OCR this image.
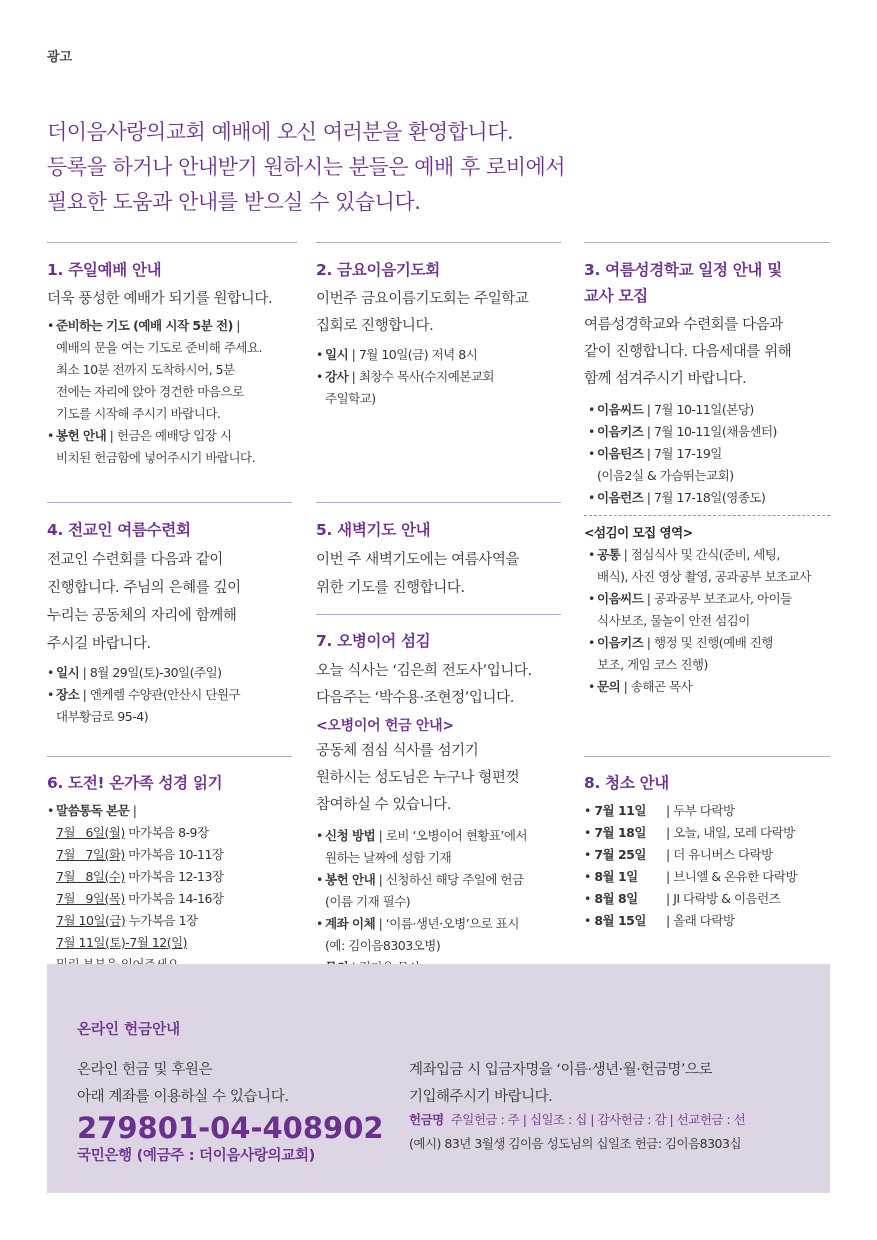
광고
더이음사랑의교회 예배에 오신 여러분을 환영합니다.
등록을 하거나 안내받기 원하시는 분들은 예배 후 로비에서
필요한 도움과 안내를 받으실 수 있습니다.
1. 주일예배 안내
더욱 풍성한 예배가 되기를 원합니다.
• 준비하는 기도 (예배 시작 5분 전) |
예배의 문을 여는 기도로 준비해 주세요.
최소 10분 전까지 도착하시어, 5분
전에는 자리에 앉아 경건한 마음으로
기도를 시작해 주시기 바랍니다.
• 봉헌 안내 | 헌금은 예배당 입장 시
비치된 헌금함에 넣어주시기 바랍니다.
2. 금요이음기도회
이번주 금요이름기도회는 주일학교
집회로 진행합니다.
• 일시 | 7월 10일(금) 저녁 8시
• 강사 | 최창수 목사(수지예본교회
주일학교)
3. 여름성경학교 일정 안내 및
교사 모집
여름성경학교와 수련회를 다음과
같이 진행합니다. 다음세대를 위해
함께 섬겨주시기 바랍니다.
• 이음씨드 | 7월 10-11일(본당)
• 이음키즈 | 7월 10-11일(채움센터)
• 이음틴즈 | 7월 17-19일
(이음2실 & 가슴뛰는교회)
• 이음런즈 | 7월 17-18일(영종도)
<섬김이 모집 영역>
• 공통 | 점심식사 및 간식(준비, 세팅,
배식), 사진 영상 촬영, 공과공부 보조교사
• 이음씨드 | 공과공부 보조교사, 아이들
식사보조, 물놀이 안전 섬김이
• 이음키즈 | 행정 및 진행(예배 진행
보조, 게임 코스 진행)
• 문의 | 송해곤 목사
4. 전교인 여름수련회
전교인 수련회를 다음과 같이
진행합니다. 주님의 은혜를 깊이
누리는 공동체의 자리에 함께해
주시길 바랍니다.
• 일시 | 8월 29일(토)-30일(주일)
• 장소 | 엔케렘 수양관(안산시 단원구
대부황금로 95-4)
5. 새벽기도 안내
이번 주 새벽기도에는 여름사역을
위한 기도를 진행합니다.
7. 오병이어 섬김
오늘 식사는 ‘김은희 전도사’입니다.
다음주는 ‘박수용·조현정’입니다.
<오병이어 헌금 안내>
공동체 점심 식사를 섬기기
원하시는 성도님은 누구나 형편껏
참여하실 수 있습니다.
• 신청 방법 | 로비 ‘오병이어 현황표’에서
원하는 날짜에 성함 기재
• 봉헌 안내 | 신청하신 해당 주일에 헌금
(이름 기재 필수)
• 계좌 이체 | ‘이름·생년·오병’으로 표시
(예: 김이음8303오병)
•
6. 도전! 온가족 성경 읽기
• 말씀통독 본문 |
7월   6일(월) 마가복음 8-9장
7월   7일(화) 마가복음 10-11장
7월   8일(수) 마가복음 12-13장
7월   9일(목) 마가복음 14-16장
7월 10일(금) 누가복음 1장
7월 11일(토)-7월 12(일)
8. 청소 안내
• 7월 11일	| 두부 다락방
• 7월 18일	| 오늘, 내일, 모레 다락방
• 7월 25일	| 더 유니버스 다락방
• 8월 1일	| 브니엘 & 온유한 다락방
• 8월 8일	| JI 다락방 & 이음런즈
• 8월 15일	| 올래 다락방
온라인 헌금안내
온라인 헌금 및 후원은
아래 계좌를 이용하실 수 있습니다.
279801-04-408902
국민은행 (예금주 : 더이음사랑의교회)
계좌입금 시 입금자명을 ‘이름·생년·월·헌금명’으로
기입해주시기 바랍니다.
헌금명 주일헌금 : 주 | 십일조 : 십 | 감사헌금 : 감 | 선교헌금 : 선
(예시) 83년 3월생 김이음 성도님의 십일조 헌금: 김이음8303십
